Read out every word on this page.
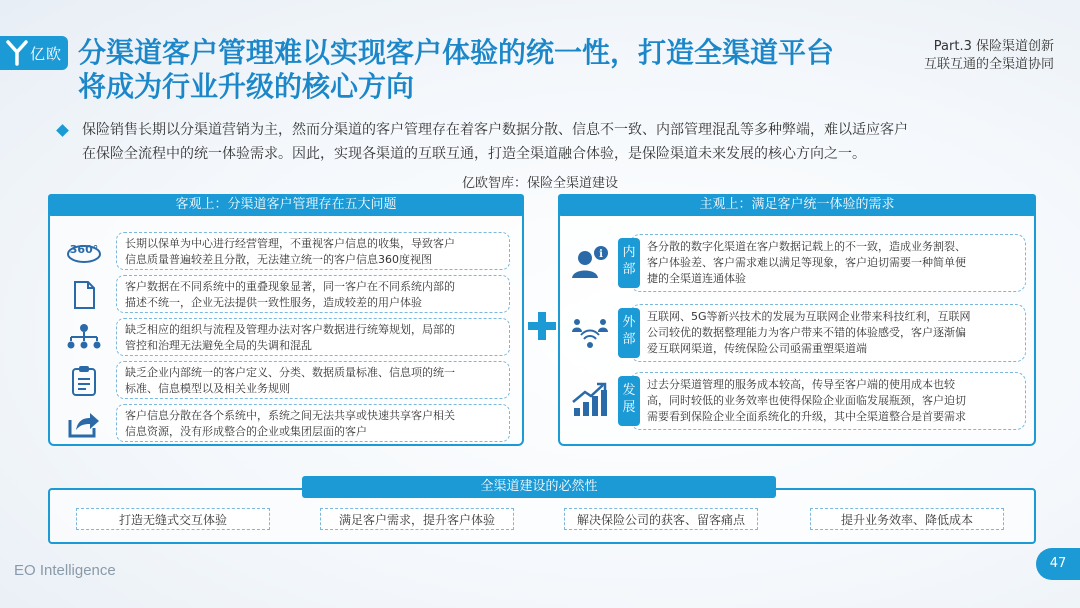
亿欧 分渠道客户管理难以实现客户体验的统一性，打造全渠道平台
将成为行业升级的核心方向
Part.3 保险渠道创新
互联互通的全渠道协同

保险销售长期以分渠道营销为主，然而分渠道的客户管理存在着客户数据分散、信息不一致、内部管理混乱等多种弊端，难以适应客户

在保险全流程中的统一体验需求。因此，实现各渠道的互联互通，打造全渠道融合体验，是保险渠道未来发展的核心方向之一。

亿欧智库：保险全渠道建设
客观上：分渠道客户管理存在五大问题
360° 长期以保单为中心进行经营管理，不重视客户信息的收集，导致客户
信息质量普遍较差且分散，无法建立统一的客户信息360度视图
客户数据在不同系统中的重叠现象显著，同一客户在不同系统内部的
描述不统一，企业无法提供一致性服务，造成较差的用户体验
缺乏相应的组织与流程及管理办法对客户数据进行统筹规划，局部的
管控和治理无法避免全局的失调和混乱
缺乏企业内部统一的客户定义、分类、数据质量标准、信息项的统一
标准、信息模型以及相关业务规则
客户信息分散在各个系统中，系统之间无法共享或快速共享客户相关
信息资源，没有形成整合的企业或集团层面的客户
主观上：满足客户统一体验的需求
i
各分散的数字化渠道在客户数据记载上的不一致，造成业务割裂、
客户体验差、客户需求难以满足等现象，客户迫切需要一种简单便
捷的全渠道连通体验
内
部
互联网、5G等新兴技术的发展为互联网企业带来科技红利，互联网
公司较优的数据整理能力为客户带来不错的体验感受，客户逐渐偏
爱互联网渠道，传统保险公司亟需重塑渠道端
外
部
过去分渠道管理的服务成本较高，传导至客户端的使用成本也较
高，同时较低的业务效率也使得保险企业面临发展瓶颈，客户迫切
需要看到保险企业全面系统化的升级，其中全渠道整合是首要需求
发
展
全渠道建设的必然性
打造无缝式交互体验	满足客户需求，提升客户体验	解决保险公司的获客、留客痛点	提升业务效率、降低成本
EO Intelligence	47
